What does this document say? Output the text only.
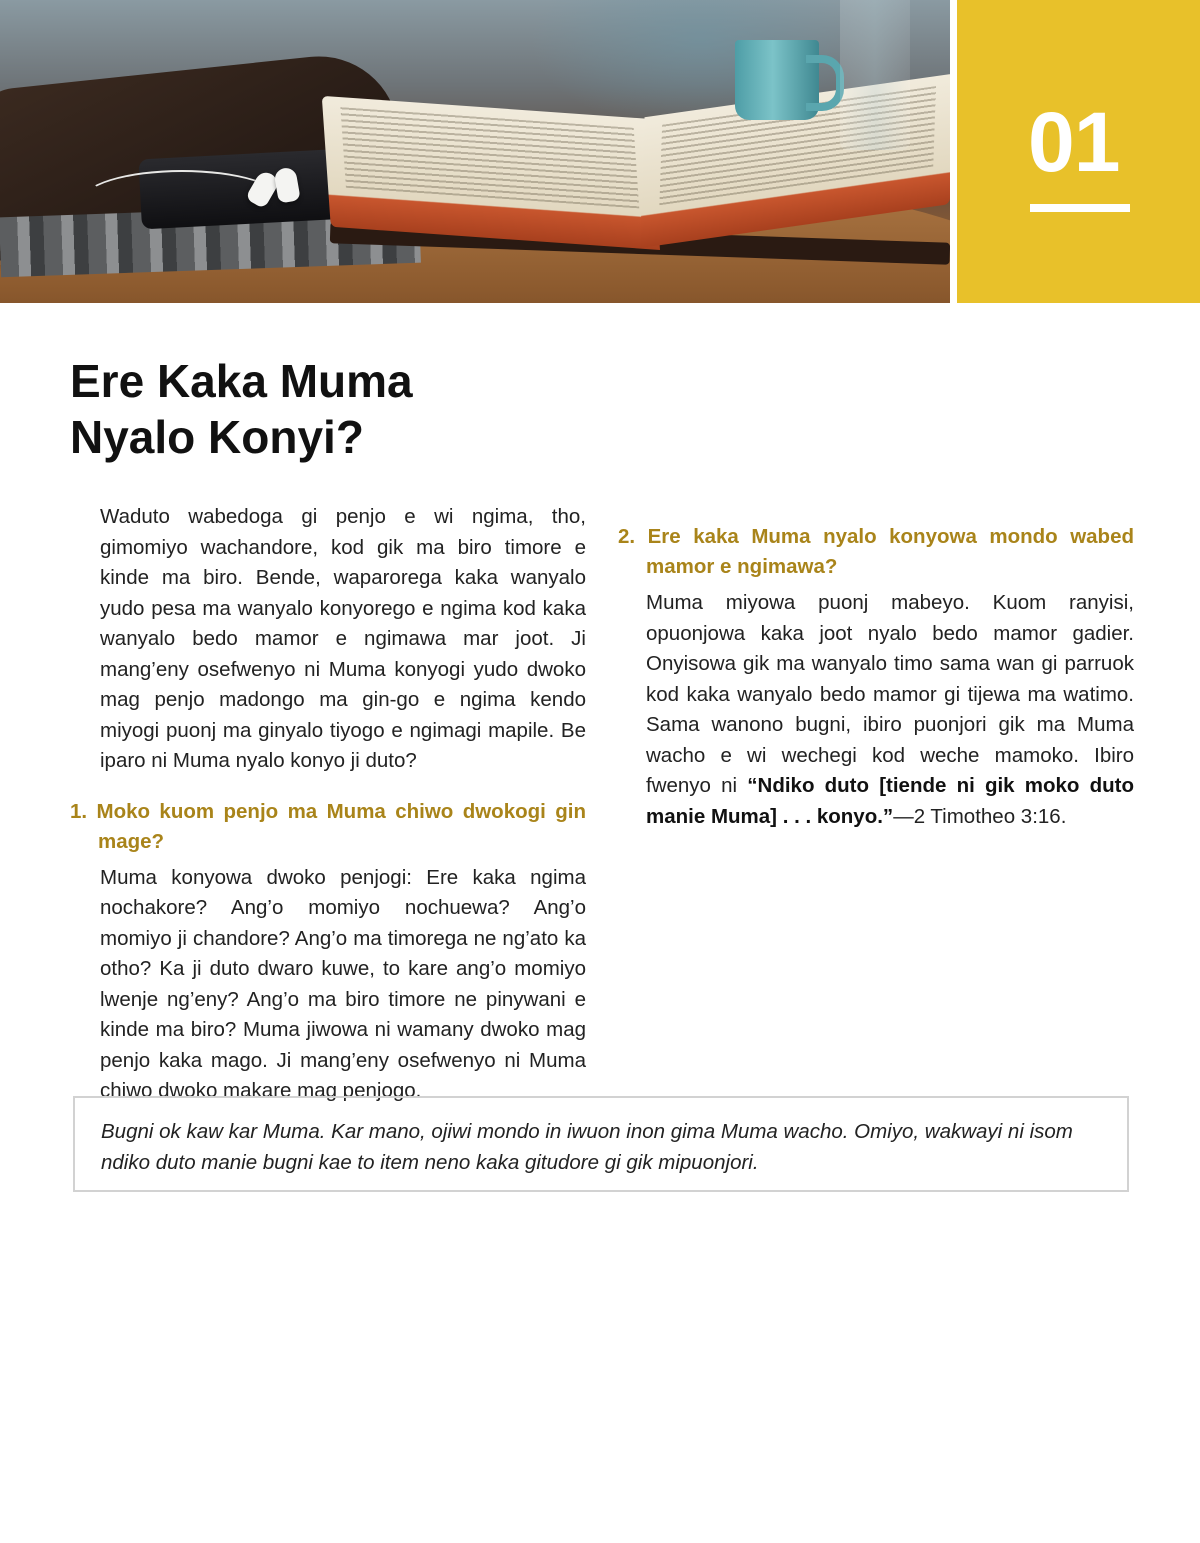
01
Ere Kaka Muma
Nyalo Konyi?

Waduto wabedoga gi penjo e wi ngima, tho, gimomiyo wachandore, kod gik ma biro timore e kinde ma biro. Bende, waparorega kaka wanyalo yudo pesa ma wanyalo konyorego e ngima kod kaka wanyalo bedo mamor e ngimawa mar joot. Ji mang’eny osefwenyo ni Muma konyogi yudo dwoko mag penjo madongo ma gin-go e ngima kendo miyogi puonj ma ginyalo tiyogo e ngimagi mapile. Be iparo ni Muma nyalo konyo ji duto?

1. Moko kuom penjo ma Muma chiwo dwokogi gin mage?

Muma konyowa dwoko penjogi: Ere kaka ngima nochakore? Ang’o momiyo nochuewa? Ang’o momiyo ji chandore? Ang’o ma timorega ne ng’ato ka otho? Ka ji duto dwaro kuwe, to kare ang’o momiyo lwenje ng’eny? Ang’o ma biro timore ne pinywani e kinde ma biro? Muma jiwowa ni wamany dwoko mag penjo kaka mago. Ji mang’eny osefwenyo ni Muma chiwo dwoko makare mag penjogo.

2. Ere kaka Muma nyalo konyowa mondo wabed mamor e ngimawa?

Muma miyowa puonj mabeyo. Kuom ranyisi, opuonjowa kaka joot nyalo bedo mamor gadier. Onyisowa gik ma wanyalo timo sama wan gi parruok kod kaka wanyalo bedo mamor gi tijewa ma watimo. Sama wanono bugni, ibiro puonjori gik ma Muma wacho e wi wechegi kod weche mamoko. Ibiro fwenyo ni “Ndiko duto [tiende ni gik moko duto manie Muma] . . . konyo.”—2 Timotheo 3:16.

Bugni ok kaw kar Muma. Kar mano, ojiwi mondo in iwuon inon gima Muma wacho. Omiyo, wakwayi ni isom ndiko duto manie bugni kae to item neno kaka gitudore gi gik mipuonjori.
